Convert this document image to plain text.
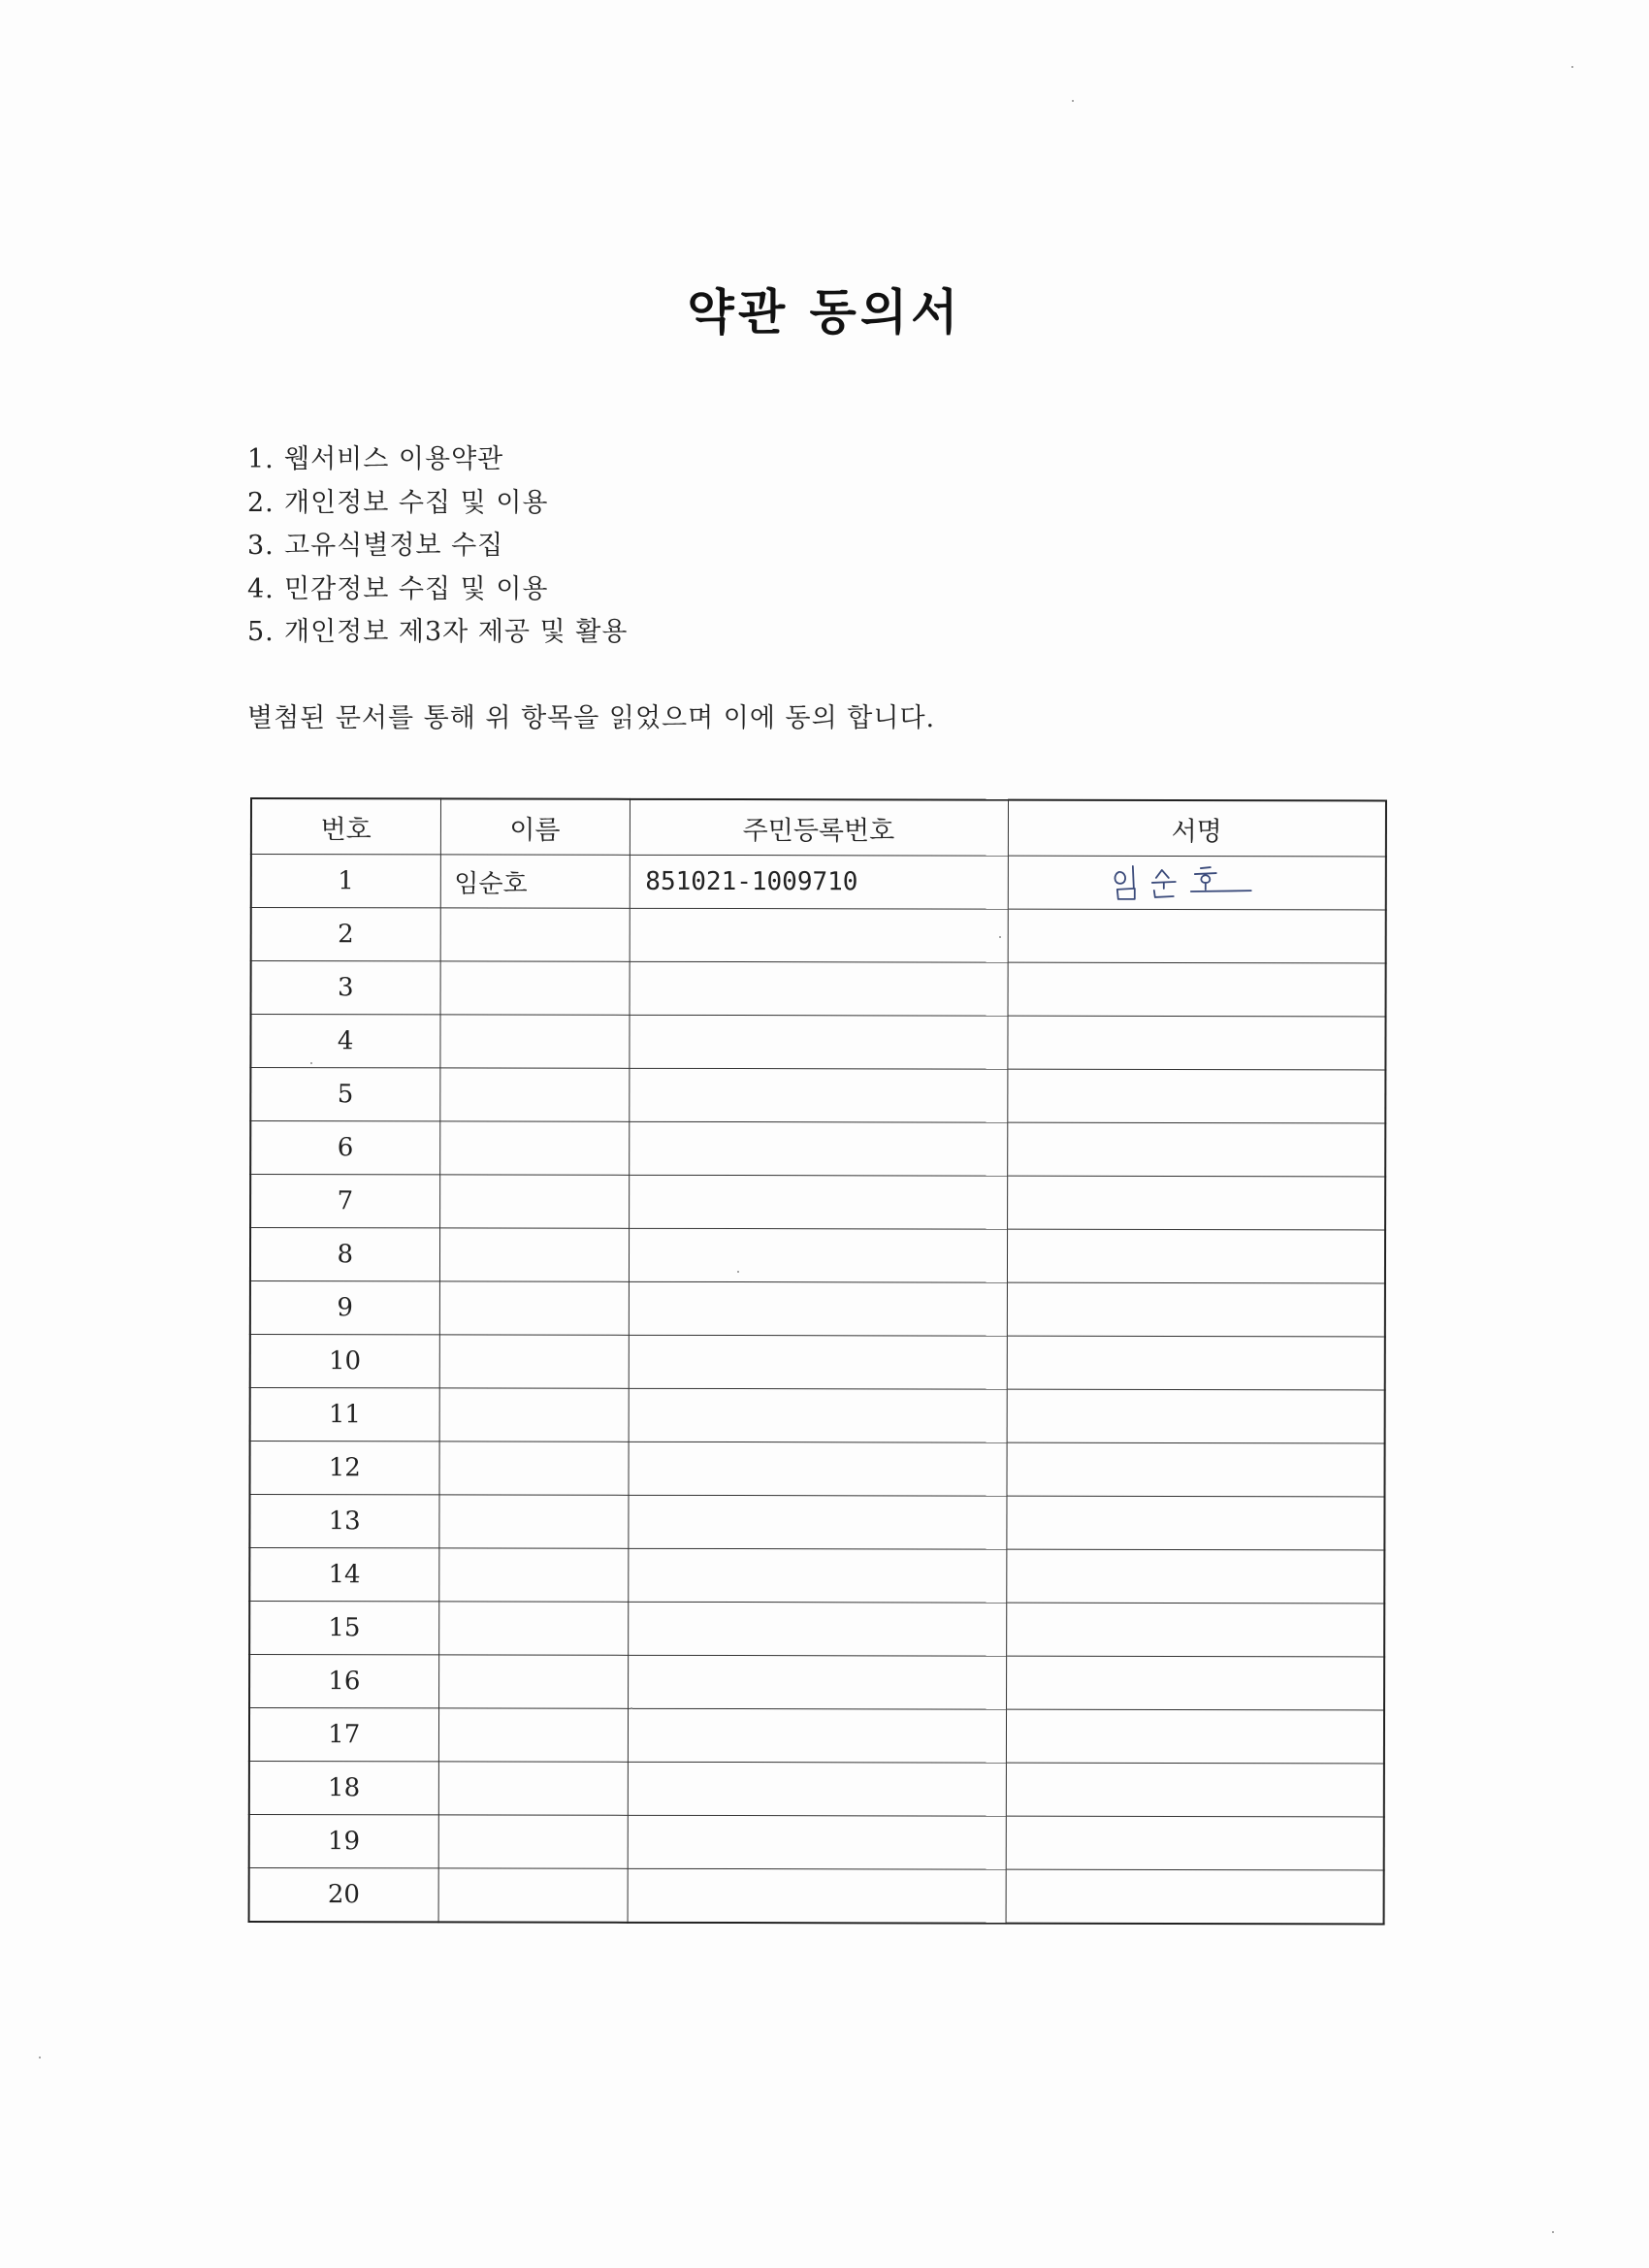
약관 동의서
1. 웹서비스 이용약관
2. 개인정보 수집 및 이용
3. 고유식별정보 수집
4. 민감정보 수집 및 이용
5. 개인정보 제3자 제공 및 활용
별첨된 문서를 통해 위 항목을 읽었으며 이에 동의 합니다.
번호	이름	주민등록번호	서명
1	임순호	851021-1009710	

2			
3			
4			
5			
6			
7			
8			
9			
10			
11			
12			
13			
14			
15			
16			
17			
18			
19			
20			
